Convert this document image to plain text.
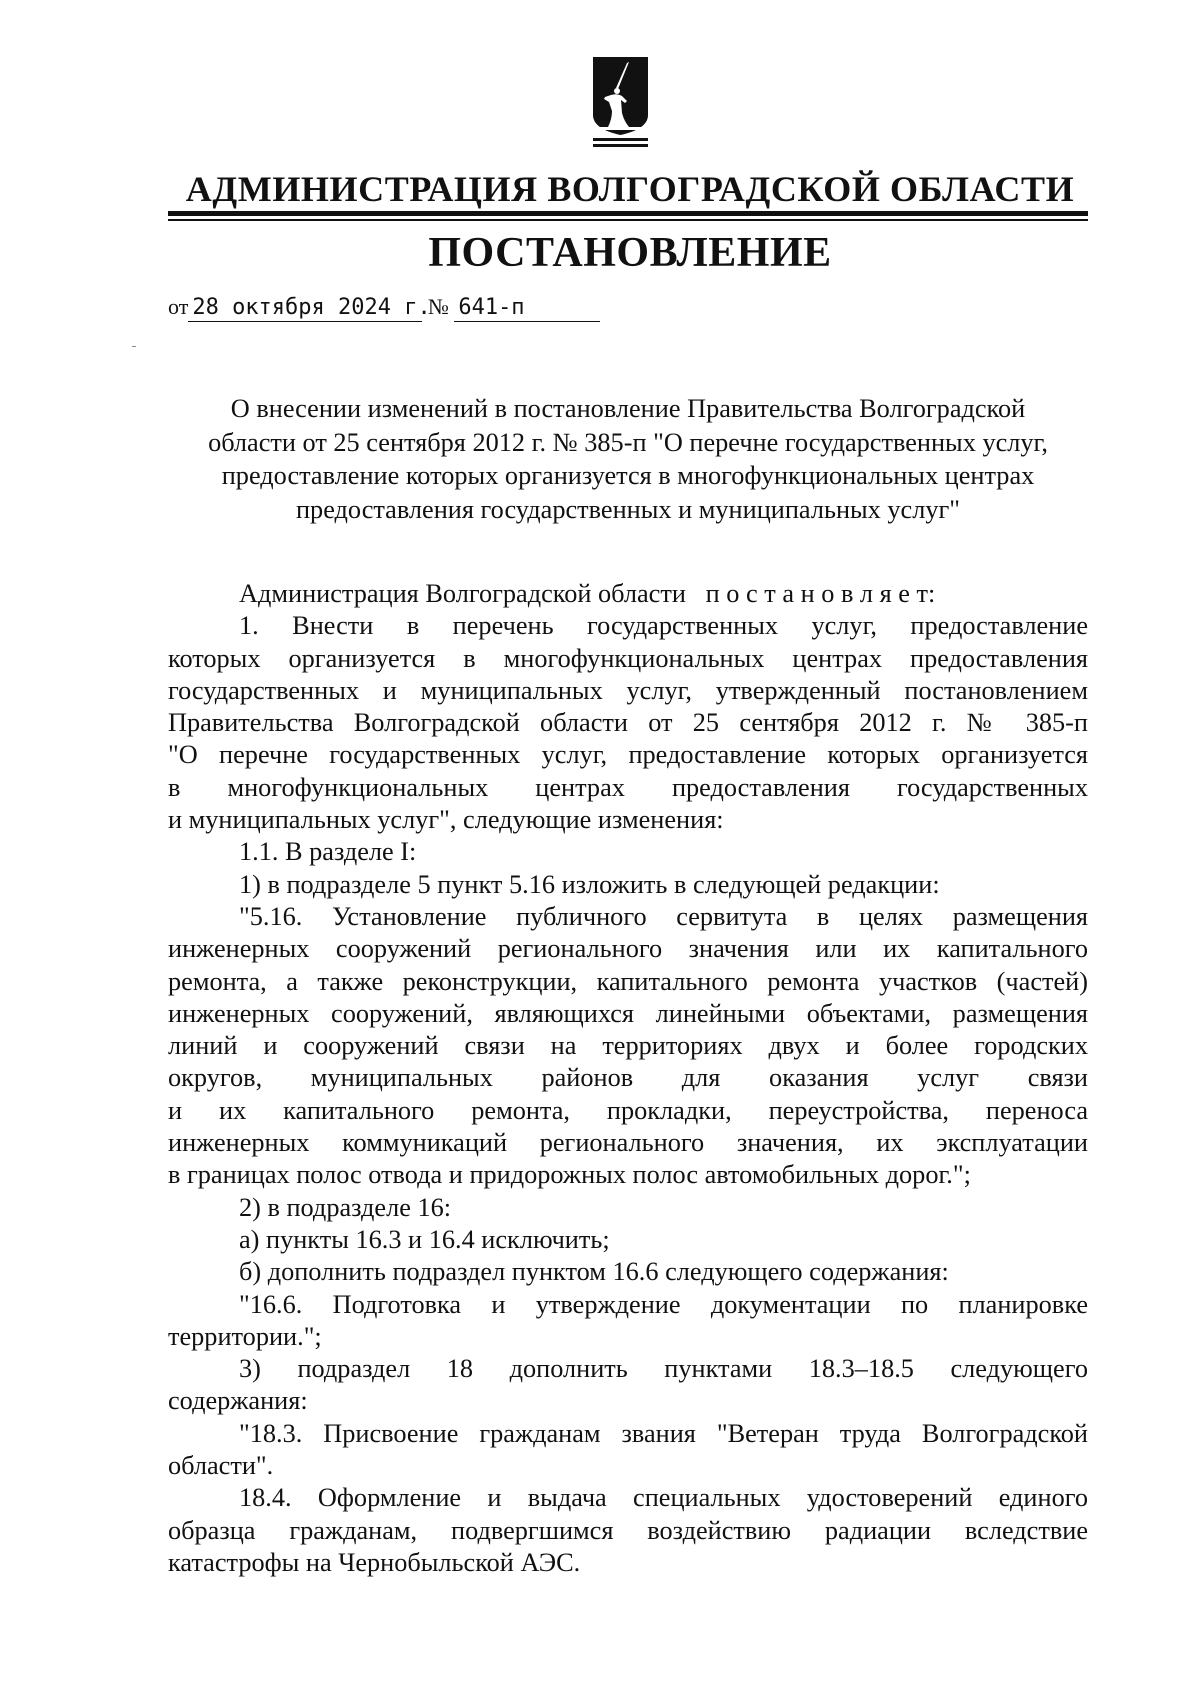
АДМИНИСТРАЦИЯ ВОЛГОГРАДСКОЙ ОБЛАСТИ
ПОСТАНОВЛЕНИЕ
от 28 октября 2024 г. № 641-п
О внесении изменений в постановление Правительства Волгоградской
области от 25 сентября 2012 г. № 385-п "О перечне государственных услуг,
предоставление которых организуется в многофункциональных центрах
предоставления государственных и муниципальных услуг"

Администрация Волгоградской области п о с т а н о в л я е т:

1. Внести в перечень государственных услуг, предоставление

которых организуется в многофункциональных центрах предоставления

государственных и муниципальных услуг, утвержденный постановлением

Правительства Волгоградской области от 25 сентября 2012 г. № 385-п

"О перечне государственных услуг, предоставление которых организуется

в многофункциональных центрах предоставления государственных

и муниципальных услуг", следующие изменения:

1.1. В разделе I:

1) в подразделе 5 пункт 5.16 изложить в следующей редакции:

"5.16. Установление публичного сервитута в целях размещения

инженерных сооружений регионального значения или их капитального

ремонта, а также реконструкции, капитального ремонта участков (частей)

инженерных сооружений, являющихся линейными объектами, размещения

линий и сооружений связи на территориях двух и более городских

округов, муниципальных районов для оказания услуг связи

и их капитального ремонта, прокладки, переустройства, переноса

инженерных коммуникаций регионального значения, их эксплуатации

в границах полос отвода и придорожных полос автомобильных дорог.";

2) в подразделе 16:

а) пункты 16.3 и 16.4 исключить;

б) дополнить подраздел пунктом 16.6 следующего содержания:

"16.6. Подготовка и утверждение документации по планировке

территории.";

3) подраздел 18 дополнить пунктами 18.3–18.5 следующего

содержания:

"18.3. Присвоение гражданам звания "Ветеран труда Волгоградской

области".

18.4. Оформление и выдача специальных удостоверений единого

образца гражданам, подвергшимся воздействию радиации вследствие

катастрофы на Чернобыльской АЭС.
